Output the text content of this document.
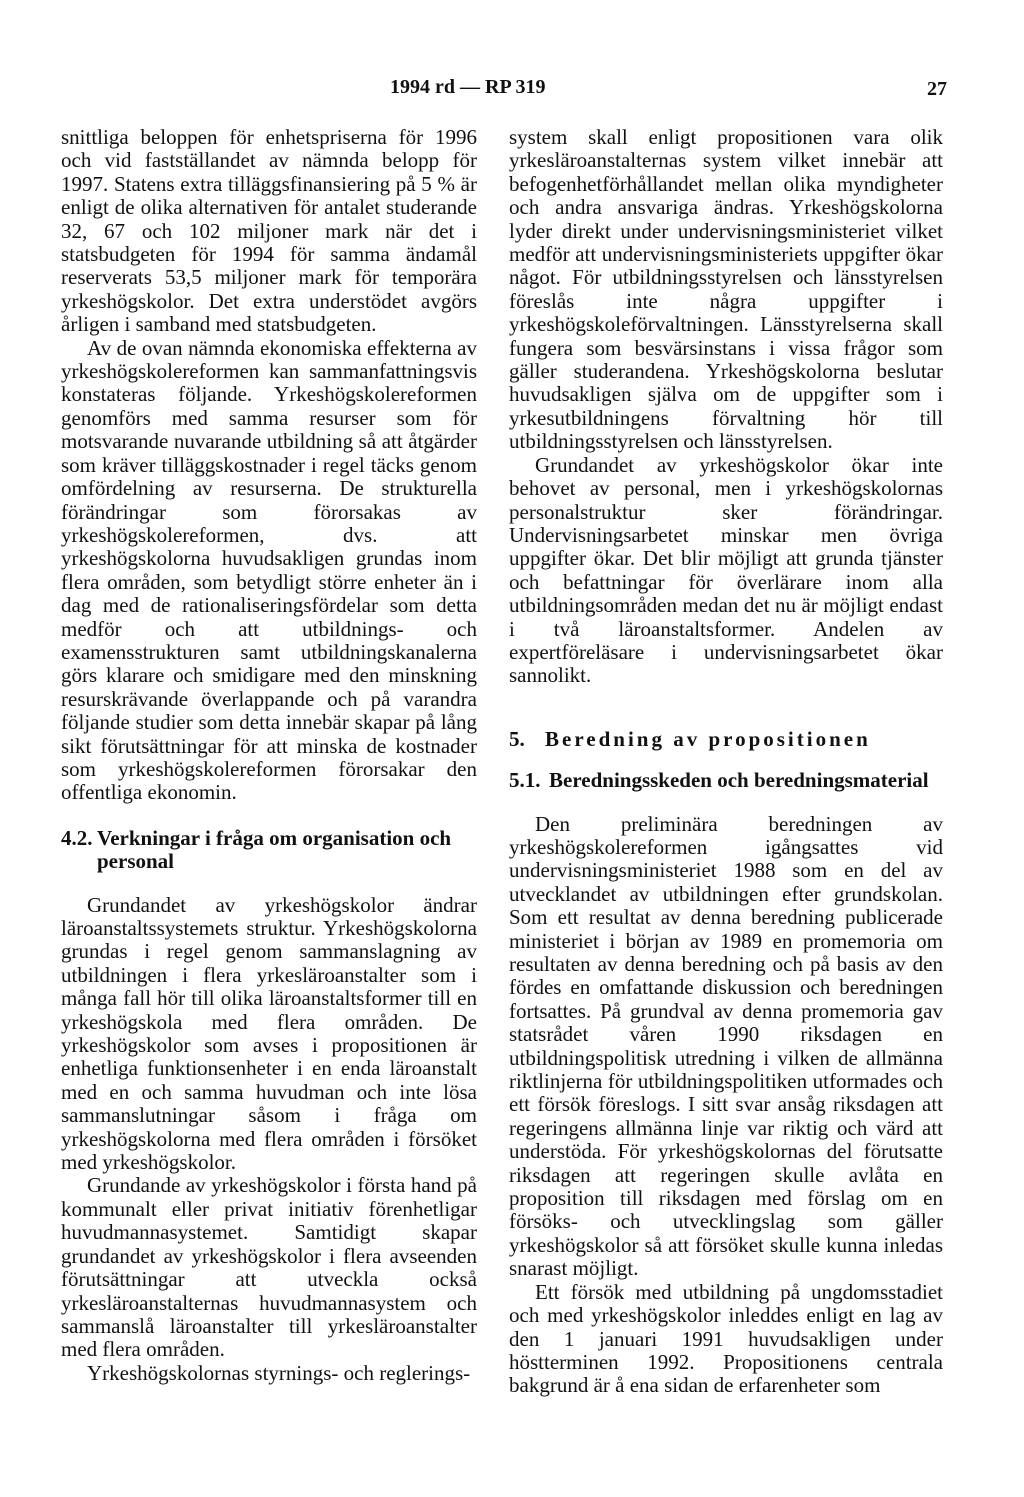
1994 rd — RP 319	27

snittliga beloppen för enhetspriserna för 1996 och vid fastställandet av nämnda belopp för 1997. Statens extra tilläggsfinansiering på 5 % är enligt de olika alternativen för antalet studerande 32, 67 och 102 miljoner mark när det i statsbudgeten för 1994 för samma ändamål reserverats 53,5 miljoner mark för temporära yrkeshögskolor. Det extra understödet avgörs årligen i samband med statsbudgeten.

Av de ovan nämnda ekonomiska effekterna av yrkeshögskolereformen kan sammanfattningsvis konstateras följande. Yrkeshögskolereformen genomförs med samma resurser som för motsvarande nuvarande utbildning så att åtgärder som kräver tilläggskostnader i regel täcks genom omfördelning av resurserna. De strukturella förändringar som förorsakas av yrkeshögskolereformen, dvs. att yrkeshögskolorna huvudsakligen grundas inom flera områden, som betydligt större enheter än i dag med de rationaliseringsfördelar som detta medför och att utbildnings- och examensstrukturen samt utbildningskanalerna görs klarare och smidigare med den minskning resurskrävande överlappande och på varandra följande studier som detta innebär skapar på lång sikt förutsättningar för att minska de kostnader som yrkeshögskolereformen förorsakar den offentliga ekonomin.

4.2. Verkningar i fråga om organisation och personal

Grundandet av yrkeshögskolor ändrar läroanstaltssystemets struktur. Yrkeshögskolorna grundas i regel genom sammanslagning av utbildningen i flera yrkesläroanstalter som i många fall hör till olika läroanstaltsformer till en yrkeshögskola med flera områden. De yrkeshögskolor som avses i propositionen är enhetliga funktionsenheter i en enda läroanstalt med en och samma huvudman och inte lösa sammanslutningar såsom i fråga om yrkeshögskolorna med flera områden i försöket med yrkeshögskolor.

Grundande av yrkeshögskolor i första hand på kommunalt eller privat initiativ förenhetligar huvudmannasystemet. Samtidigt skapar grundandet av yrkeshögskolor i flera avseenden förutsättningar att utveckla också yrkesläroanstalternas huvudmannasystem och sammanslå läroanstalter till yrkesläroanstalter med flera områden.

Yrkeshögskolornas styrnings- och reglerings-

system skall enligt propositionen vara olik yrkesläroanstalternas system vilket innebär att befogenhetförhållandet mellan olika myndigheter och andra ansvariga ändras. Yrkeshögskolorna lyder direkt under undervisningsministeriet vilket medför att undervisningsministeriets uppgifter ökar något. För utbildningsstyrelsen och länsstyrelsen föreslås inte några uppgifter i yrkeshögskoleförvaltningen. Länsstyrelserna skall fungera som besvärsinstans i vissa frågor som gäller studerandena. Yrkeshögskolorna beslutar huvudsakligen själva om de uppgifter som i yrkesutbildningens förvaltning hör till utbildningsstyrelsen och länsstyrelsen.

Grundandet av yrkeshögskolor ökar inte behovet av personal, men i yrkeshögskolornas personalstruktur sker förändringar. Undervisningsarbetet minskar men övriga uppgifter ökar. Det blir möjligt att grunda tjänster och befattningar för överlärare inom alla utbildningsområden medan det nu är möjligt endast i två läroanstaltsformer. Andelen av expertföreläsare i undervisningsarbetet ökar sannolikt.

5. Beredning av propositionen
5.1. Beredningsskeden och beredningsmaterial

Den preliminära beredningen av yrkeshögskolereformen igångsattes vid undervisningsministeriet 1988 som en del av utvecklandet av utbildningen efter grundskolan. Som ett resultat av denna beredning publicerade ministeriet i början av 1989 en promemoria om resultaten av denna beredning och på basis av den fördes en omfattande diskussion och beredningen fortsattes. På grundval av denna promemoria gav statsrådet våren 1990 riksdagen en utbildningspolitisk utredning i vilken de allmänna riktlinjerna för utbildningspolitiken utformades och ett försök föreslogs. I sitt svar ansåg riksdagen att regeringens allmänna linje var riktig och värd att understöda. För yrkeshögskolornas del förutsatte riksdagen att regeringen skulle avlåta en proposition till riksdagen med förslag om en försöks- och utvecklingslag som gäller yrkeshögskolor så att försöket skulle kunna inledas snarast möjligt.

Ett försök med utbildning på ungdomsstadiet och med yrkeshögskolor inleddes enligt en lag av den 1 januari 1991 huvudsakligen under höstterminen 1992. Propositionens centrala bakgrund är å ena sidan de erfarenheter som
